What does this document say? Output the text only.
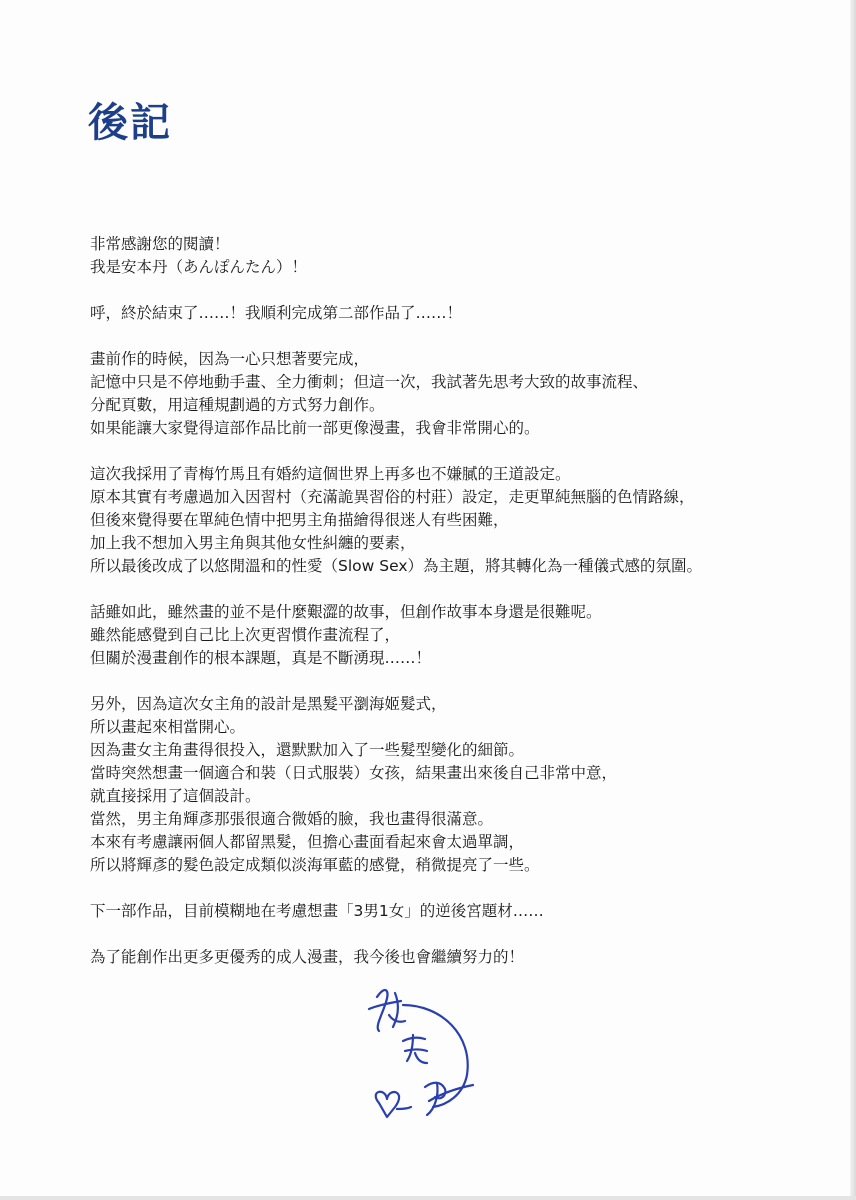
後記
非常感謝您的閱讀！
我是安本丹（あんぽんたん）！
呼，終於結束了……！我順利完成第二部作品了……！
畫前作的時候，因為一心只想著要完成，
記憶中只是不停地動手畫、全力衝刺；但這一次，我試著先思考大致的故事流程、
分配頁數，用這種規劃過的方式努力創作。
如果能讓大家覺得這部作品比前一部更像漫畫，我會非常開心的。
這次我採用了青梅竹馬且有婚約這個世界上再多也不嫌膩的王道設定。
原本其實有考慮過加入因習村（充滿詭異習俗的村莊）設定，走更單純無腦的色情路線，
但後來覺得要在單純色情中把男主角描繪得很迷人有些困難，
加上我不想加入男主角與其他女性糾纏的要素，
所以最後改成了以悠閒溫和的性愛（Slow Sex）為主題，將其轉化為一種儀式感的氛圍。
話雖如此，雖然畫的並不是什麼艱澀的故事，但創作故事本身還是很難呢。
雖然能感覺到自己比上次更習慣作畫流程了，
但關於漫畫創作的根本課題，真是不斷湧現……！
另外，因為這次女主角的設計是黑髮平瀏海姬髮式，
所以畫起來相當開心。
因為畫女主角畫得很投入，還默默加入了一些髮型變化的細節。
當時突然想畫一個適合和裝（日式服裝）女孩，結果畫出來後自己非常中意，
就直接採用了這個設計。
當然，男主角輝彥那張很適合微婚的臉，我也畫得很滿意。
本來有考慮讓兩個人都留黑髮，但擔心畫面看起來會太過單調，
所以將輝彥的髮色設定成類似淡海軍藍的感覺，稍微提亮了一些。
下一部作品，目前模糊地在考慮想畫「3男1女」的逆後宮題材……
為了能創作出更多更優秀的成人漫畫，我今後也會繼續努力的！
